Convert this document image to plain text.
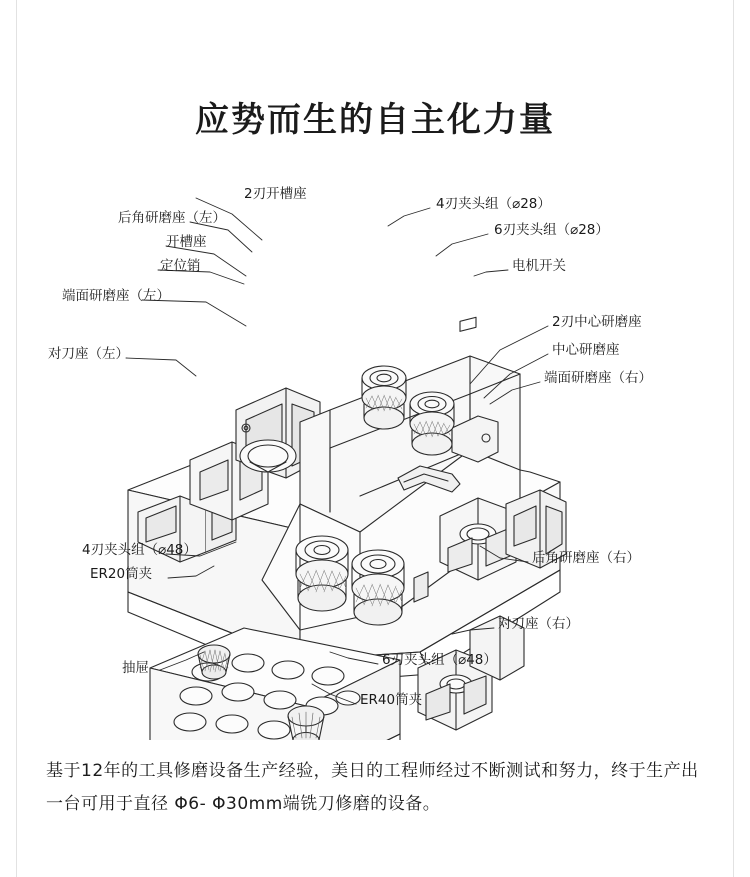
应势而生的自主化力量
2刃开槽座
后角研磨座（左）
开槽座
定位销
端面研磨座（左）
对刀座（左）
4刃夹头组（⌀28）
6刃夹头组（⌀28）
电机开关
2刃中心研磨座
中心研磨座
端面研磨座（右）
后角研磨座（右）
对刀座（右）
4刃夹头组（⌀48）
ER20筒夹
抽屉	6刃夹头组（⌀48）
ER40筒夹
基于12年的工具修磨设备生产经验，美日的工程师经过不断测试和努力，终于生产出一台可用于直径 Φ6- Φ30mm端铣刀修磨的设备。
